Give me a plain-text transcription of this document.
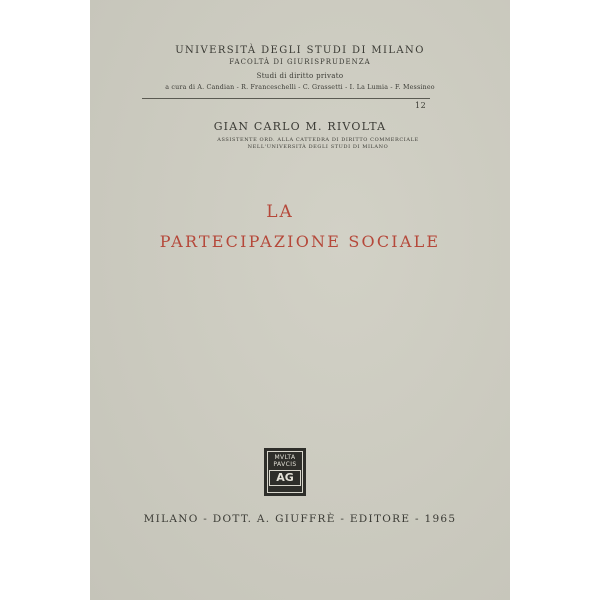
UNIVERSITÀ DEGLI STUDI DI MILANO
FACOLTÀ DI GIURISPRUDENZA
Studi di diritto privato
a cura di A. Candian - R. Franceschelli - C. Grassetti - I. La Lumia - F. Messineo
12
GIAN CARLO M. RIVOLTA
ASSISTENTE ORD. ALLA CATTEDRA DI DIRITTO COMMERCIALE
NELL'UNIVERSITÀ DEGLI STUDI DI MILANO
LA
PARTECIPAZIONE SOCIALE
MVLTA
PAVCIS
AG
MILANO - DOTT. A. GIUFFRÈ - EDITORE - 1965
